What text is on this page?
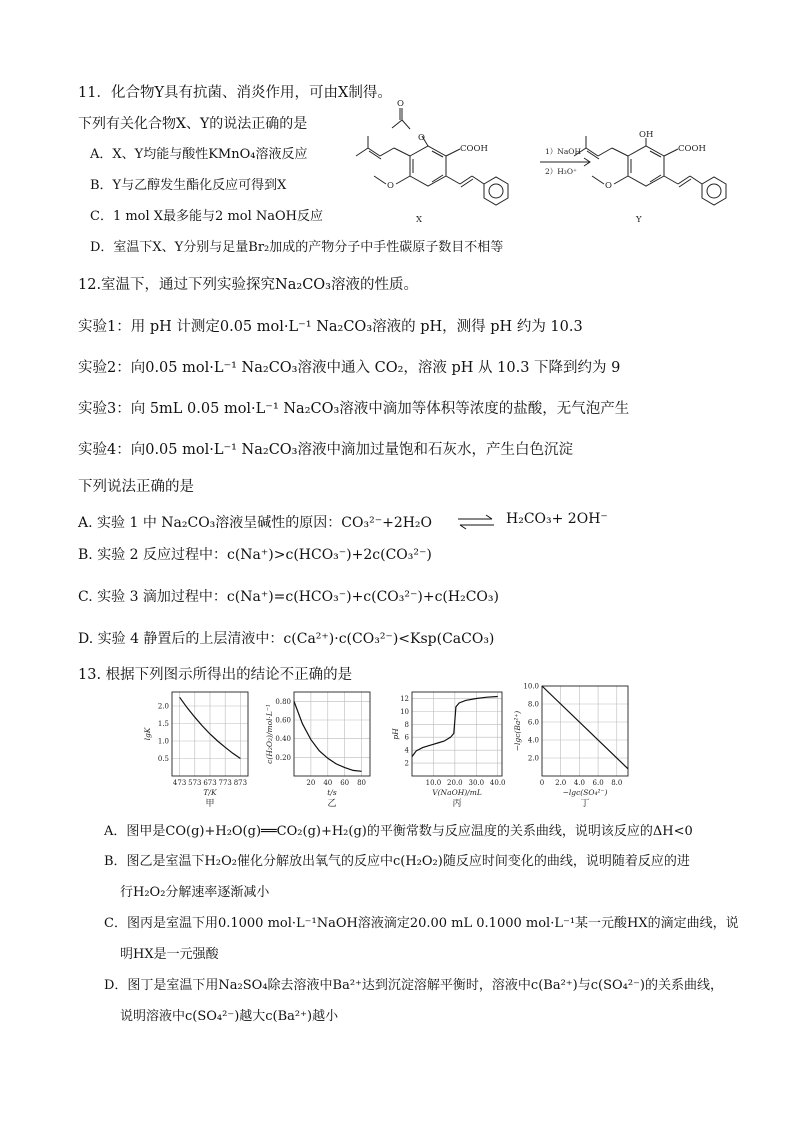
11．化合物Y具有抗菌、消炎作用，可由X制得。
下列有关化合物X、Y的说法正确的是
A．X、Y均能与酸性KMnO₄溶液反应
B．Y与乙醇发生酯化反应可得到X
C．1 mol X最多能与2 mol NaOH反应
D．室温下X、Y分别与足量Br₂加成的产物分子中手性碳原子数目不相等
O
O
COOH
O
X
1）NaOH
2）H₃O⁺
OH
COOH
O
Y
12.室温下，通过下列实验探究Na₂CO₃溶液的性质。
实验1：用 pH 计测定0.05 mol·L⁻¹ Na₂CO₃溶液的 pH，测得 pH 约为 10.3
实验2：向0.05 mol·L⁻¹ Na₂CO₃溶液中通入 CO₂，溶液 pH 从 10.3 下降到约为 9
实验3：向 5mL 0.05 mol·L⁻¹ Na₂CO₃溶液中滴加等体积等浓度的盐酸，无气泡产生
实验4：向0.05 mol·L⁻¹ Na₂CO₃溶液中滴加过量饱和石灰水，产生白色沉淀
下列说法正确的是
A. 实验 1 中 Na₂CO₃溶液呈碱性的原因：CO₃²⁻+2H₂O ⇌ H₂CO₃+ 2OH⁻
B. 实验 2 反应过程中：c(Na⁺)>c(HCO₃⁻)+2c(CO₃²⁻)
C. 实验 3 滴加过程中：c(Na⁺)=c(HCO₃⁻)+c(CO₃²⁻)+c(H₂CO₃)
D. 实验 4 静置后的上层清液中：c(Ca²⁺)·c(CO₃²⁻)<Ksp(CaCO₃)
13. 根据下列图示所得出的结论不正确的是
473 573 673 773 873
0.5
1.0
1.5
2.0
T/K
lgK
甲
20 40 60 80
0.20
0.40
0.60
0.80
t/s
c(H₂O₂)/mol·L⁻¹
乙
10.0 20.0 30.0 40.0
2
4
6
8
10
12
V(NaOH)/mL
pH
丙
0 2.0 4.0 6.0 8.0
2.0
4.0
6.0
8.0
10.0
−lgc(SO₄²⁻)
−lgc(Ba²⁺)
丁
A．图甲是CO(g)+H₂O(g)══CO₂(g)+H₂(g)的平衡常数与反应温度的关系曲线，说明该反应的ΔH<0
B．图乙是室温下H₂O₂催化分解放出氧气的反应中c(H₂O₂)随反应时间变化的曲线，说明随着反应的进
行H₂O₂分解速率逐渐减小
C．图丙是室温下用0.1000 mol·L⁻¹NaOH溶液滴定20.00 mL 0.1000 mol·L⁻¹某一元酸HX的滴定曲线，说
明HX是一元强酸
D．图丁是室温下用Na₂SO₄除去溶液中Ba²⁺达到沉淀溶解平衡时，溶液中c(Ba²⁺)与c(SO₄²⁻)的关系曲线，
说明溶液中c(SO₄²⁻)越大c(Ba²⁺)越小
